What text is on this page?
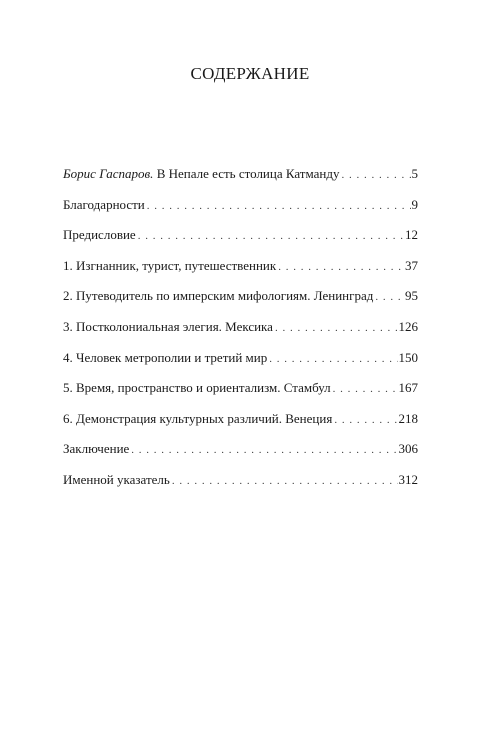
СОДЕРЖАНИЕ
Борис Гаспаров. В Непале есть столица Катманду . . .	5
Благодарности . . .	9
Предисловие . . .	12
1. Изгнанник, турист, путешественник . . .	37
2. Путеводитель по имперским мифологиям. Ленинград . . . 95
3. Постколониальная элегия. Мексика . . .	126
4. Человек метрополии и третий мир . . .	150
5. Время, пространство и ориентализм. Стамбул . . .	167
6. Демонстрация культурных различий. Венеция . . .	218
Заключение . . .	306
Именной указатель . . .	312
